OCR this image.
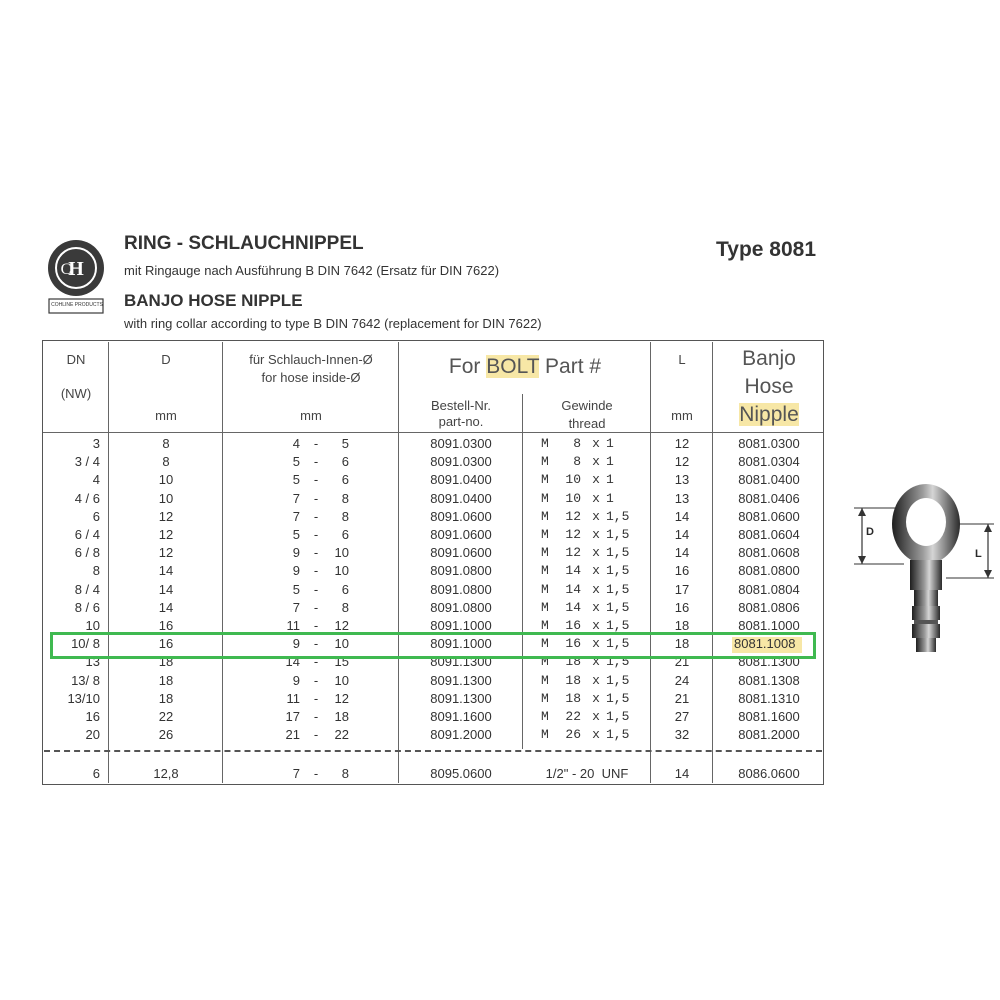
H
C
COHLINE PRODUCTS
RING - SCHLAUCHNIPPEL
mit Ringauge nach Ausführung B DIN 7642 (Ersatz für DIN 7622)
BANJO HOSE NIPPLE
with ring collar according to type B DIN 7642 (replacement for DIN 7622)
Type 8081
DN
(NW)
D
mm
für Schlauch-Innen-Ø
for hose inside-Ø
mm
For BOLT Part #
Bestell-Nr.
part-no.
Gewinde
thread
L
mm
Banjo
Hose
Nipple
3	8	4 -	5	8091.0300	M	8 x 1	12	8081.0300
3 / 4	8	5 -	6	8091.0300	M	8 x 1	12	8081.0304
4	10	5 -	6	8091.0400	M	10 x 1	13	8081.0400
4 / 6	10	7 -	8	8091.0400	M	10 x 1	13	8081.0406
6	12	7 -	8	8091.0600	M	12 x 1,5	14	8081.0600
6 / 4	12	5 -	6	8091.0600	M	12 x 1,5	14	8081.0604
6 / 8	12	9 -	10	8091.0600	M	12 x 1,5	14	8081.0608
8	14	9 -	10	8091.0800	M	14 x 1,5	16	8081.0800
8 / 4	14	5 -	6	8091.0800	M	14 x 1,5	17	8081.0804
8 / 6	14	7 -	8	8091.0800	M	14 x 1,5	16	8081.0806
10	16	11 -	12	8091.1000	M	16 x 1,5	18	8081.1000
10/ 8	16	9 -	10	8091.1000	M	16 x 1,5	18	8081.1008
13	18	14 -	15	8091.1300	M	18 x 1,5	21	8081.1300
13/ 8	18	9 -	10	8091.1300	M	18 x 1,5	24	8081.1308
13/10	18	11 -	12	8091.1300	M	18 x 1,5	21	8081.1310
16	22	17 -	18	8091.1600	M	22 x 1,5	27	8081.1600
20	26	21 -	22	8091.2000	M	26 x 1,5	32	8081.2000
6	12,8	7 -	8	8095.0600	1/2" - 20  UNF	14	8086.0600
D
L
